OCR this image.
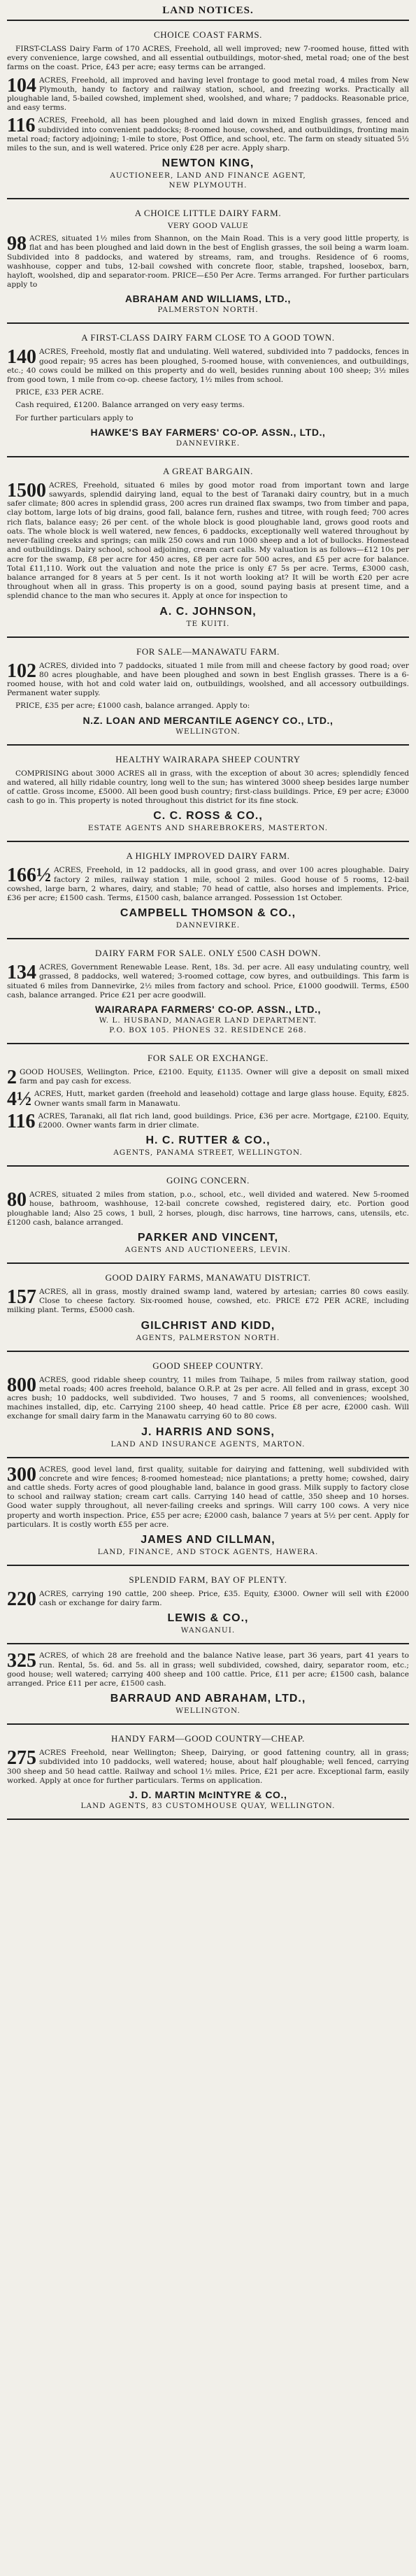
LAND NOTICES.
CHOICE COAST FARMS.
FIRST-CLASS Dairy Farm of 170 ACRES, Freehold, all well improved; new 7-roomed house, fitted with every convenience, large cowshed, and all essential outbuildings, motor-shed, metal road; one of the best farms on the coast. Price, £43 per acre; easy terms can be arranged.
104 ACRES, Freehold, all improved and having level frontage to good metal road, 4 miles from New Plymouth, handy to factory and railway station, school, and freezing works. Practically all ploughable land, 5-bailed cowshed, implement shed, woolshed, and whare; 7 paddocks. Reasonable price, and easy terms.
116 ACRES, Freehold, all has been ploughed and laid down in mixed English grasses, fenced and subdivided into convenient paddocks; 8-roomed house, cowshed, and outbuildings, fronting main metal road; factory adjoining; 1-mile to store, Post Office, and school, etc. The farm on steady situated 5½ miles to the sun, and is well watered. Price only £28 per acre. Apply sharp.
NEWTON KING,
AUCTIONEER, LAND AND FINANCE AGENT,
NEW PLYMOUTH.
A CHOICE LITTLE DAIRY FARM.
VERY GOOD VALUE
98 ACRES, situated 1½ miles from Shannon, on the Main Road. This is a very good little property, is flat and has been ploughed and laid down in the best of English grasses, the soil being a warm loam. Subdivided into 8 paddocks, and watered by streams, ram, and troughs. Residence of 6 rooms, washhouse, copper and tubs, 12-bail cowshed with concrete floor, stable, trapshed, loosebox, barn, hayloft, woolshed, dip and separator-room. PRICE—£50 Per Acre. Terms arranged. For further particulars apply to
ABRAHAM AND WILLIAMS, LTD.,
PALMERSTON NORTH.
A FIRST-CLASS DAIRY FARM CLOSE TO A GOOD TOWN.
140 ACRES, Freehold, mostly flat and undulating. Well watered, subdivided into 7 paddocks, fences in good repair; 95 acres has been ploughed, 5-roomed house, with conveniences, and outbuildings, etc.; 40 cows could be milked on this property and do well, besides running about 100 sheep; 3½ miles from good town, 1 mile from co-op. cheese factory, 1½ miles from school.
PRICE, £33 PER ACRE.
Cash required, £1200. Balance arranged on very easy terms.
For further particulars apply to
HAWKE'S BAY FARMERS' CO-OP. ASSN., LTD.,
DANNEVIRKE.
A GREAT BARGAIN.
1500 ACRES, Freehold, situated 6 miles by good motor road from important town and large sawyards, splendid dairying land, equal to the best of Taranaki dairy country, but in a much safer climate; 800 acres in splendid grass, 200 acres run drained flax swamps, two from timber and papa, clay bottom, large lots of big drains, good fall, balance fern, rushes and titree, with rough feed; 700 acres rich flats, balance easy; 26 per cent. of the whole block is good ploughable land, grows good roots and oats. The whole block is well watered, new fences, 6 paddocks, exceptionally well watered throughout by never-failing creeks and springs; can milk 250 cows and run 1000 sheep and a lot of bullocks. Homestead and outbuildings. Dairy school, school adjoining, cream cart calls. My valuation is as follows—£12 10s per acre for the swamp, £8 per acre for 450 acres, £8 per acre for 500 acres, and £5 per acre for balance. Total £11,110. Work out the valuation and note the price is only £7 5s per acre. Terms, £3000 cash, balance arranged for 8 years at 5 per cent. Is it not worth looking at? It will be worth £20 per acre throughout when all in grass. This property is on a good, sound paying basis at present time, and a splendid chance to the man who secures it. Apply at once for inspection to
A. C. JOHNSON,
TE KUITI.
FOR SALE—MANAWATU FARM.
102 ACRES, divided into 7 paddocks, situated 1 mile from mill and cheese factory by good road; over 80 acres ploughable, and have been ploughed and sown in best English grasses. There is a 6-roomed house, with hot and cold water laid on, outbuildings, woolshed, and all accessory outbuildings. Permanent water supply.
PRICE, £35 per acre; £1000 cash, balance arranged. Apply to:
N.Z. LOAN AND MERCANTILE AGENCY CO., LTD.,
WELLINGTON.
HEALTHY WAIRARAPA SHEEP COUNTRY
COMPRISING about 3000 ACRES all in grass, with the exception of about 30 acres; splendidly fenced and watered, all hilly ridable country, long well to the sun; has wintered 3000 sheep besides large number of cattle. Gross income, £5000. All been good bush country; first-class buildings. Price, £9 per acre; £3000 cash to go in. This property is noted throughout this district for its fine stock.
C. C. ROSS & CO.,
ESTATE AGENTS AND SHAREBROKERS, MASTERTON.
A HIGHLY IMPROVED DAIRY FARM.
166½ ACRES, Freehold, in 12 paddocks, all in good grass, and over 100 acres ploughable. Dairy factory 2 miles, railway station 1 mile, school 2 miles. Good house of 5 rooms, 12-bail cowshed, large barn, 2 whares, dairy, and stable; 70 head of cattle, also horses and implements. Price, £36 per acre; £1500 cash. Terms, £1500 cash, balance arranged. Possession 1st October.
CAMPBELL THOMSON & CO.,
DANNEVIRKE.
DAIRY FARM FOR SALE. ONLY £500 CASH DOWN.
134 ACRES, Government Renewable Lease. Rent, 18s. 3d. per acre. All easy undulating country, well grassed, 8 paddocks, well watered; 3-roomed cottage, cow byres, and outbuildings. This farm is situated 6 miles from Dannevirke, 2½ miles from factory and school. Price, £1000 goodwill. Terms, £500 cash, balance arranged. Price £21 per acre goodwill.
WAIRARAPA FARMERS' CO-OP. ASSN., LTD.,
W. L. HUSBAND, MANAGER LAND DEPARTMENT.
P.O. BOX 105. PHONES 32. RESIDENCE 268.
FOR SALE OR EXCHANGE.
2 GOOD HOUSES, Wellington. Price, £2100. Equity, £1135. Owner will give a deposit on small mixed farm and pay cash for excess.
4½ ACRES, Hutt, market garden (freehold and leasehold) cottage and large glass house. Equity, £825. Owner wants small farm in Manawatu.
116 ACRES, Taranaki, all flat rich land, good buildings. Price, £36 per acre. Mortgage, £2100. Equity, £2000. Owner wants farm in drier climate.
H. C. RUTTER & CO.,
AGENTS, PANAMA STREET, WELLINGTON.
GOING CONCERN.
80 ACRES, situated 2 miles from station, p.o., school, etc., well divided and watered. New 5-roomed house, bathroom, washhouse, 12-bail concrete cowshed, registered dairy, etc. Portion good ploughable land; Also 25 cows, 1 bull, 2 horses, plough, disc harrows, tine harrows, cans, utensils, etc. £1200 cash, balance arranged.
PARKER AND VINCENT,
AGENTS AND AUCTIONEERS, LEVIN.
GOOD DAIRY FARMS, MANAWATU DISTRICT.
157 ACRES, all in grass, mostly drained swamp land, watered by artesian; carries 80 cows easily. Close to cheese factory. Six-roomed house, cowshed, etc. PRICE £72 PER ACRE, including milking plant. Terms, £5000 cash.
GILCHRIST AND KIDD,
AGENTS, PALMERSTON NORTH.
GOOD SHEEP COUNTRY.
800 ACRES, good ridable sheep country, 11 miles from Taihape, 5 miles from railway station, good metal roads; 400 acres freehold, balance O.R.P. at 2s per acre. All felled and in grass, except 30 acres bush; 10 paddocks, well subdivided. Two houses, 7 and 5 rooms, all conveniences; woolshed, machines installed, dip, etc. Carrying 2100 sheep, 40 head cattle. Price £8 per acre, £2000 cash. Will exchange for small dairy farm in the Manawatu carrying 60 to 80 cows.
J. HARRIS AND SONS,
LAND AND INSURANCE AGENTS, MARTON.
300 ACRES, good level land, first quality, suitable for dairying and fattening, well subdivided with concrete and wire fences; 8-roomed homestead; nice plantations; a pretty home; cowshed, dairy and cattle sheds. Forty acres of good ploughable land, balance in good grass. Milk supply to factory close to school and railway station; cream cart calls. Carrying 140 head of cattle, 350 sheep and 10 horses. Good water supply throughout, all never-failing creeks and springs. Will carry 100 cows. A very nice property and worth inspection. Price, £55 per acre; £2000 cash, balance 7 years at 5½ per cent. Apply for particulars. It is costly worth £55 per acre.
JAMES AND CILLMAN,
LAND, FINANCE, AND STOCK AGENTS, HAWERA.
SPLENDID FARM, BAY OF PLENTY.
220 ACRES, carrying 190 cattle, 200 sheep. Price, £35. Equity, £3000. Owner will sell with £2000 cash or exchange for dairy farm.
LEWIS & CO.,
WANGANUI.
325 ACRES, of which 28 are freehold and the balance Native lease, part 36 years, part 41 years to run. Rental, 5s. 6d. and 5s. all in grass; well subdivided, cowshed, dairy, separator room, etc.; good house; well watered; carrying 400 sheep and 100 cattle. Price, £11 per acre; £1500 cash, balance arranged. Price £11 per acre, £1500 cash.
BARRAUD AND ABRAHAM, LTD.,
WELLINGTON.
HANDY FARM—GOOD COUNTRY—CHEAP.
275 ACRES Freehold, near Wellington; Sheep, Dairying, or good fattening country, all in grass; subdivided into 10 paddocks, well watered; house, about half ploughable; well fenced, carrying 300 sheep and 50 head cattle. Railway and school 1½ miles. Price, £21 per acre. Exceptional farm, easily worked. Apply at once for further particulars. Terms on application.
J. D. MARTIN McINTYRE & CO.,
LAND AGENTS, 83 CUSTOMHOUSE QUAY, WELLINGTON.
